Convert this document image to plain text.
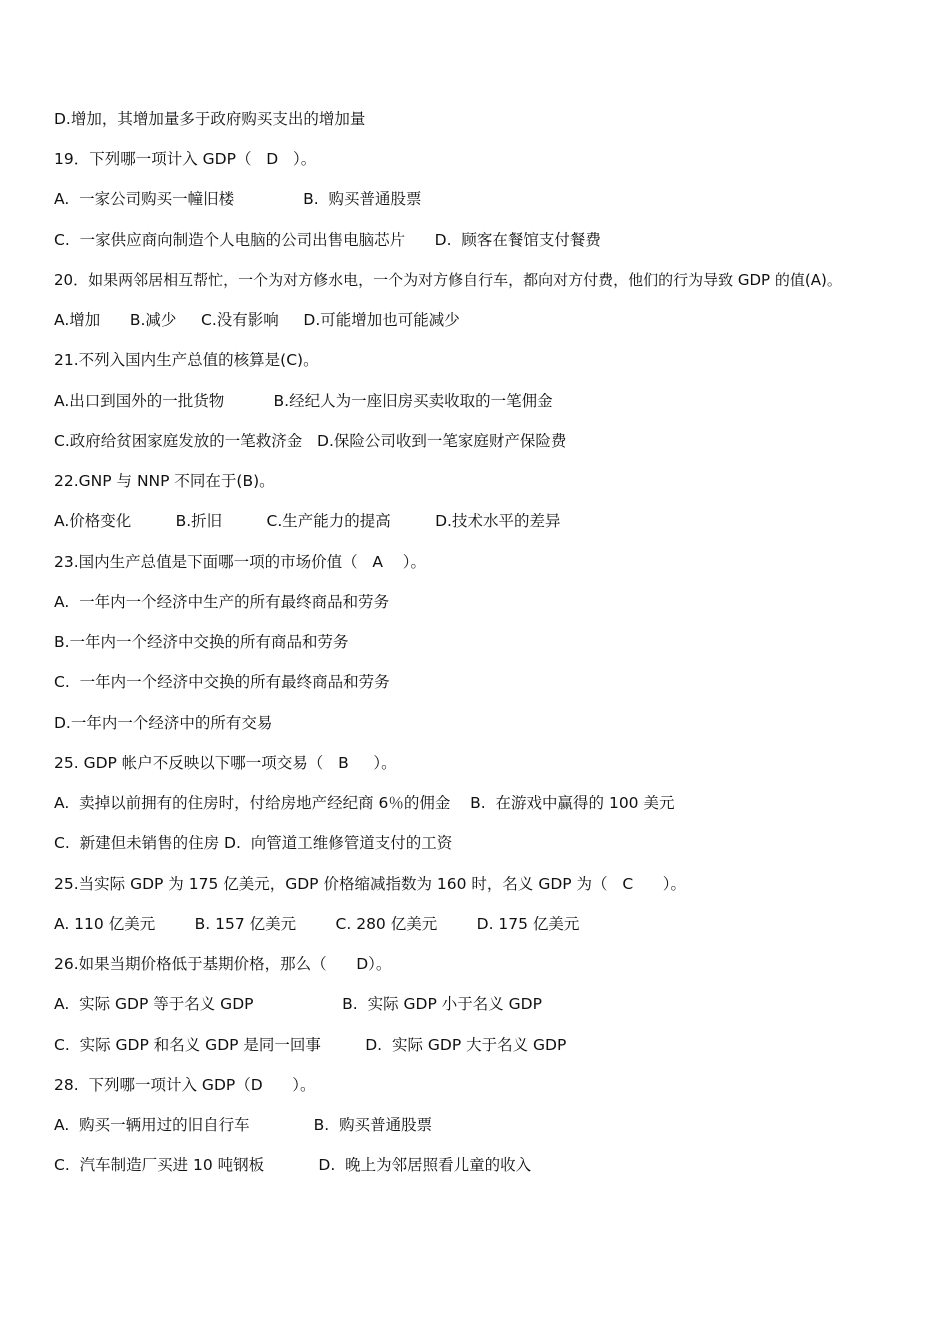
D.增加，其增加量多于政府购买支出的增加量
19．下列哪一项计入 GDP（   D   ）。
A.  一家公司购买一幢旧楼              B.  购买普通股票
C.  一家供应商向制造个人电脑的公司出售电脑芯片      D.  顾客在餐馆支付餐费
20．如果两邻居相互帮忙，一个为对方修水电，一个为对方修自行车，都向对方付费，他们的行为导致 GDP 的值(A)。
A.增加      B.减少     C.没有影响     D.可能增加也可能减少
21.不列入国内生产总值的核算是(C)。
A.出口到国外的一批货物          B.经纪人为一座旧房买卖收取的一笔佣金
C.政府给贫困家庭发放的一笔救济金   D.保险公司收到一笔家庭财产保险费
22.GNP 与 NNP 不同在于(B)。
A.价格变化         B.折旧         C.生产能力的提高         D.技术水平的差异
23.国内生产总值是下面哪一项的市场价值（   A    ）。
A.  一年内一个经济中生产的所有最终商品和劳务
B.一年内一个经济中交换的所有商品和劳务
C.  一年内一个经济中交换的所有最终商品和劳务
D.一年内一个经济中的所有交易
25. GDP 帐户不反映以下哪一项交易（   B     ）。
A.  卖掉以前拥有的住房时，付给房地产经纪商 6％的佣金    B.  在游戏中赢得的 100 美元
C.  新建但未销售的住房 D.  向管道工维修管道支付的工资
25.当实际 GDP 为 175 亿美元，GDP 价格缩减指数为 160 时，名义 GDP 为（   C      ）。
A. 110 亿美元        B. 157 亿美元        C. 280 亿美元        D. 175 亿美元
26.如果当期价格低于基期价格，那么（      D）。
A.  实际 GDP 等于名义 GDP                  B.  实际 GDP 小于名义 GDP
C.  实际 GDP 和名义 GDP 是同一回事         D.  实际 GDP 大于名义 GDP
28.  下列哪一项计入 GDP（D      ）。
A.  购买一辆用过的旧自行车             B.  购买普通股票
C.  汽车制造厂买进 10 吨钢板           D.  晚上为邻居照看儿童的收入
